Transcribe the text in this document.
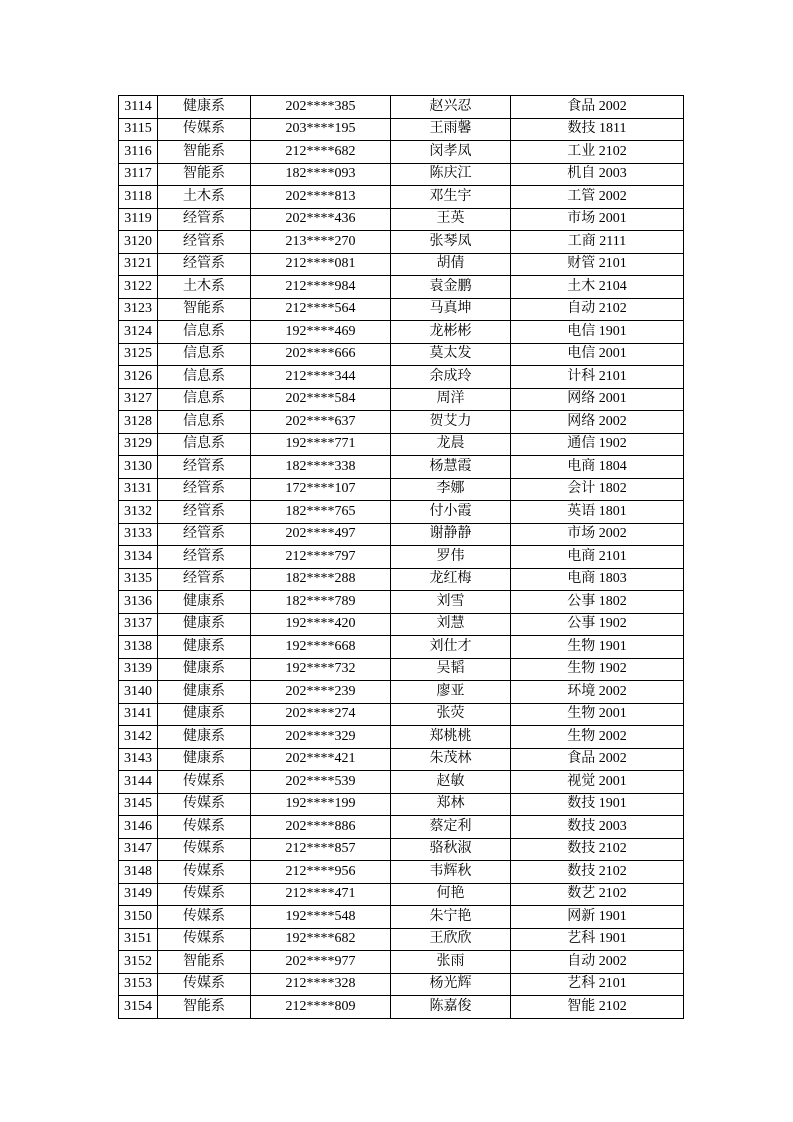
3114	健康系	202****385	赵兴忍	食品 2002
3115	传媒系	203****195	王雨馨	数技 1811
3116	智能系	212****682	闵孝凤	工业 2102
3117	智能系	182****093	陈庆江	机自 2003
3118	土木系	202****813	邓生宇	工管 2002
3119	经管系	202****436	王英	市场 2001
3120	经管系	213****270	张琴凤	工商 2111
3121	经管系	212****081	胡倩	财管 2101
3122	土木系	212****984	袁金鹏	土木 2104
3123	智能系	212****564	马真坤	自动 2102
3124	信息系	192****469	龙彬彬	电信 1901
3125	信息系	202****666	莫太发	电信 2001
3126	信息系	212****344	余成玲	计科 2101
3127	信息系	202****584	周洋	网络 2001
3128	信息系	202****637	贺艾力	网络 2002
3129	信息系	192****771	龙晨	通信 1902
3130	经管系	182****338	杨慧霞	电商 1804
3131	经管系	172****107	李娜	会计 1802
3132	经管系	182****765	付小霞	英语 1801
3133	经管系	202****497	谢静静	市场 2002
3134	经管系	212****797	罗伟	电商 2101
3135	经管系	182****288	龙红梅	电商 1803
3136	健康系	182****789	刘雪	公事 1802
3137	健康系	192****420	刘慧	公事 1902
3138	健康系	192****668	刘仕才	生物 1901
3139	健康系	192****732	吴韬	生物 1902
3140	健康系	202****239	廖亚	环境 2002
3141	健康系	202****274	张荧	生物 2001
3142	健康系	202****329	郑桃桃	生物 2002
3143	健康系	202****421	朱茂林	食品 2002
3144	传媒系	202****539	赵敏	视觉 2001
3145	传媒系	192****199	郑林	数技 1901
3146	传媒系	202****886	蔡定利	数技 2003
3147	传媒系	212****857	骆秋淑	数技 2102
3148	传媒系	212****956	韦辉秋	数技 2102
3149	传媒系	212****471	何艳	数艺 2102
3150	传媒系	192****548	朱宁艳	网新 1901
3151	传媒系	192****682	王欣欣	艺科 1901
3152	智能系	202****977	张雨	自动 2002
3153	传媒系	212****328	杨光辉	艺科 2101
3154	智能系	212****809	陈嘉俊	智能 2102
